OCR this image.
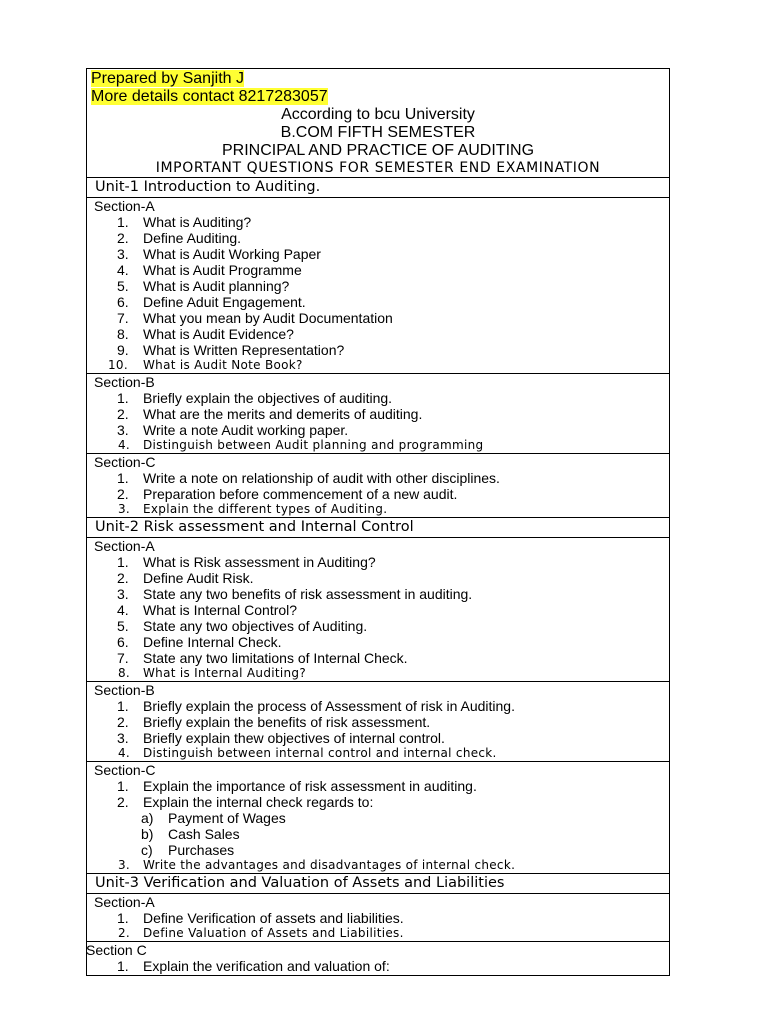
Prepared by Sanjith J
More details contact 8217283057
According to bcu University
B.COM FIFTH SEMESTER
PRINCIPAL AND PRACTICE OF AUDITING
IMPORTANT QUESTIONS FOR SEMESTER END EXAMINATION
Unit-1 Introduction to Auditing.
Section-A
1.	What is Auditing?
2.	Define Auditing.
3.	What is Audit Working Paper
4.	What is Audit Programme
5.	What is Audit planning?
6.	Define Aduit Engagement.
7.	What you mean by Audit Documentation
8.	What is Audit Evidence?
9.	What is Written Representation?
10.	What is Audit Note Book?
Section-B
1.	Briefly explain the objectives of auditing.
2.	What are the merits and demerits of auditing.
3.	Write a note Audit working paper.
4.	Distinguish between Audit planning and programming
Section-C
1.	Write a note on relationship of audit with other disciplines.
2.	Preparation before commencement of a new audit.
3.	Explain the different types of Auditing.
Unit-2 Risk assessment and Internal Control
Section-A
1.	What is Risk assessment in Auditing?
2.	Define Audit Risk.
3.	State any two benefits of risk assessment in auditing.
4.	What is Internal Control?
5.	State any two objectives of Auditing.
6.	Define Internal Check.
7.	State any two limitations of Internal Check.
8.	What is Internal Auditing?
Section-B
1.	Briefly explain the process of Assessment of risk in Auditing.
2.	Briefly explain the benefits of risk assessment.
3.	Briefly explain thew objectives of internal control.
4.	Distinguish between internal control and internal check.
Section-C
1.	Explain the importance of risk assessment in auditing.
2.	Explain the internal check regards to:
a) Payment of Wages
b) Cash Sales
c) Purchases
3.	Write the advantages and disadvantages of internal check.
Unit-3 Verification and Valuation of Assets and Liabilities
Section-A
1.	Define Verification of assets and liabilities.
2.	Define Valuation of Assets and Liabilities.
Section C
1.	Explain the verification and valuation of:
